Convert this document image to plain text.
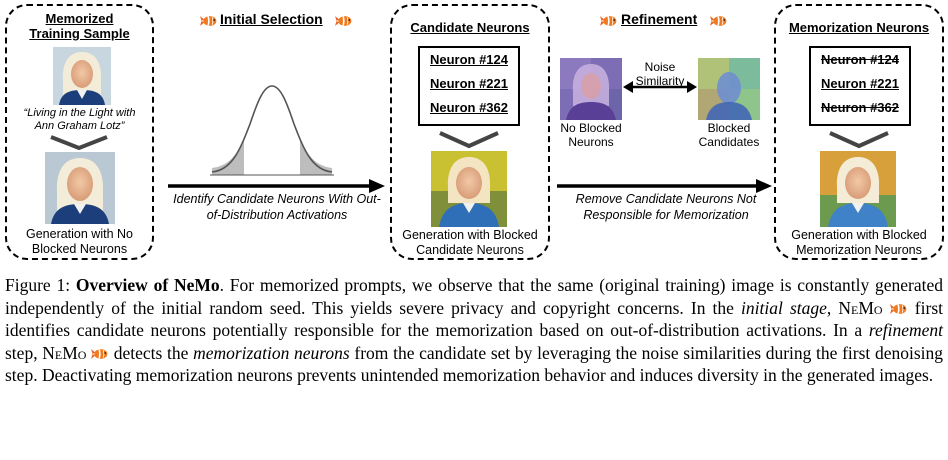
Memorized Training Sample
“Living in the Light with Ann Graham Lotz”
Generation with No Blocked Neurons
Initial Selection
Identify Candidate Neurons With Out-of-Distribution Activations
Candidate Neurons
Neuron #124
Neuron #221
Neuron #362
Generation with Blocked Candidate Neurons
Refinement
Noise Similarity
No Blocked Neurons
Blocked Candidates
Remove Candidate Neurons Not Responsible for Memorization
Memorization Neurons
Neuron #124
Neuron #221
Neuron #362
Generation with Blocked Memorization Neurons
Figure 1: Overview of NeMo. For memorized prompts, we observe that the same (original training) image is constantly generated independently of the initial random seed. This yields severe privacy and copyright concerns. In the initial stage, NeMo  first identifies candidate neurons potentially responsible for the memorization based on out-of-distribution activations. In a refinement step, NeMo  detects the memorization neurons from the candidate set by leveraging the noise similarities during the first denoising step. Deactivating memorization neurons prevents unintended memorization behavior and induces diversity in the generated images.
